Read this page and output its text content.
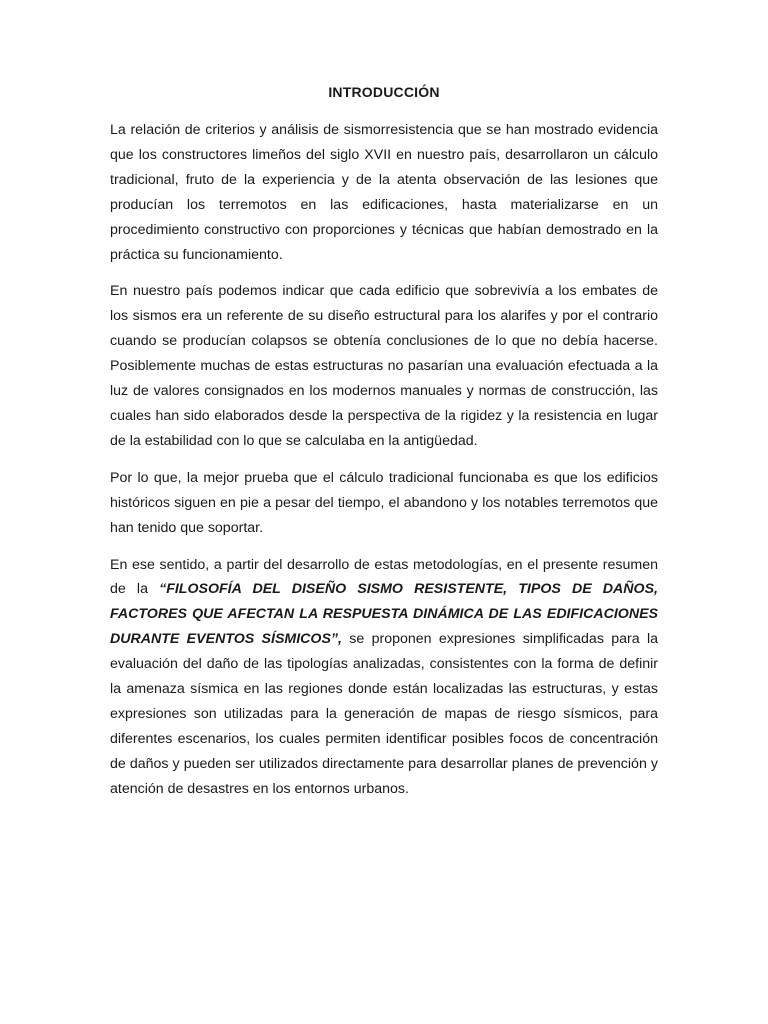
INTRODUCCIÓN

La relación de criterios y análisis de sismorresistencia que se han mostrado evidencia que los constructores limeños del siglo XVII en nuestro país, desarrollaron un cálculo tradicional, fruto de la experiencia y de la atenta observación de las lesiones que producían los terremotos en las edificaciones, hasta materializarse en un procedimiento constructivo con proporciones y técnicas que habían demostrado en la práctica su funcionamiento.

En nuestro país podemos indicar que cada edificio que sobrevivía a los embates de los sismos era un referente de su diseño estructural para los alarifes y por el contrario cuando se producían colapsos se obtenía conclusiones de lo que no debía hacerse. Posiblemente muchas de estas estructuras no pasarían una evaluación efectuada a la luz de valores consignados en los modernos manuales y normas de construcción, las cuales han sido elaborados desde la perspectiva de la rigidez y la resistencia en lugar de la estabilidad con lo que se calculaba en la antigüedad.

Por lo que, la mejor prueba que el cálculo tradicional funcionaba es que los edificios históricos siguen en pie a pesar del tiempo, el abandono y los notables terremotos que han tenido que soportar.

En ese sentido, a partir del desarrollo de estas metodologías, en el presente resumen de la “FILOSOFÍA DEL DISEÑO SISMO RESISTENTE, TIPOS DE DAÑOS, FACTORES QUE AFECTAN LA RESPUESTA DINÁMICA DE LAS EDIFICACIONES DURANTE EVENTOS SÍSMICOS”, se proponen expresiones simplificadas para la evaluación del daño de las tipologías analizadas, consistentes con la forma de definir la amenaza sísmica en las regiones donde están localizadas las estructuras, y estas expresiones son utilizadas para la generación de mapas de riesgo sísmicos, para diferentes escenarios, los cuales permiten identificar posibles focos de concentración de daños y pueden ser utilizados directamente para desarrollar planes de prevención y atención de desastres en los entornos urbanos.
